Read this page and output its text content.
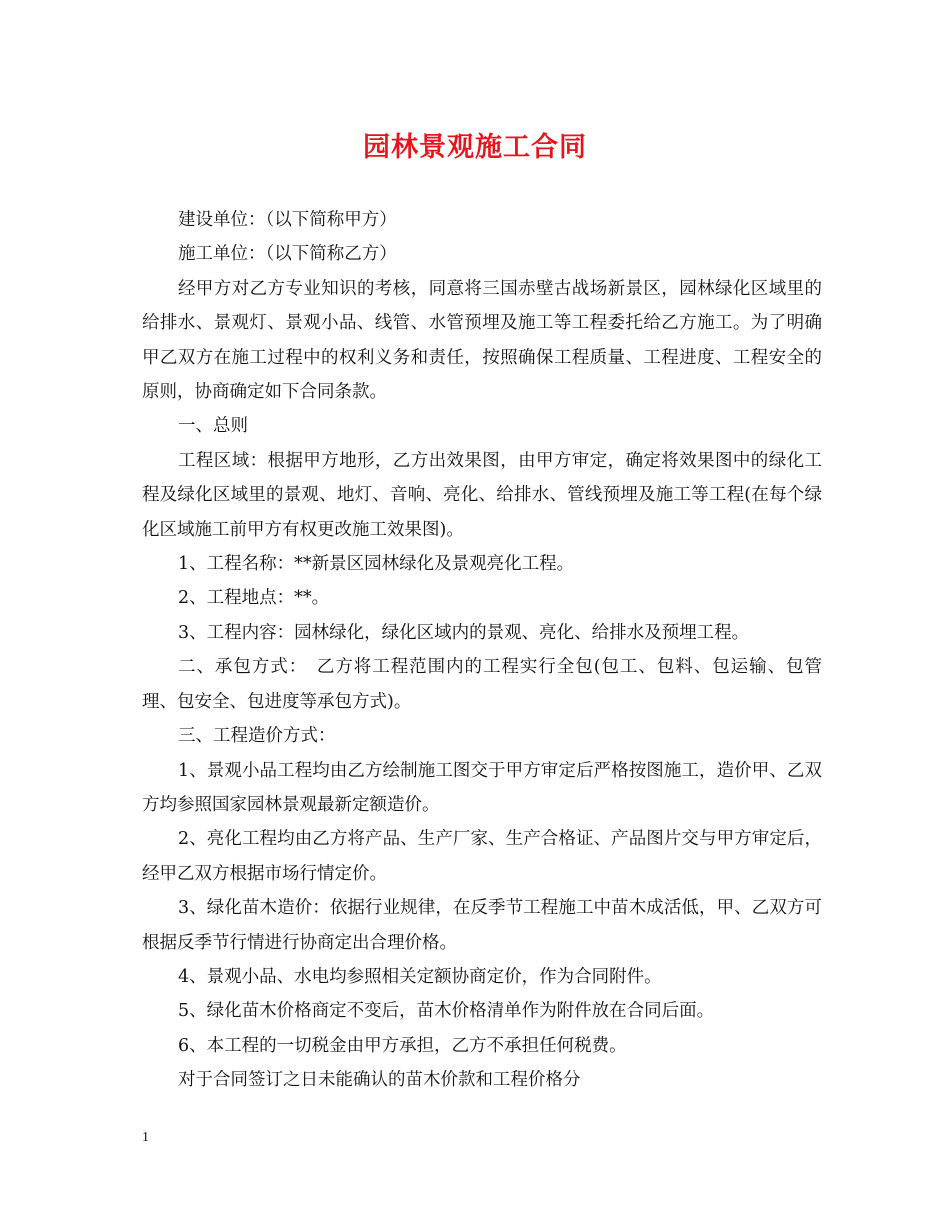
园林景观施工合同

建设单位：（以下简称甲方）

施工单位：（以下简称乙方）

经甲方对乙方专业知识的考核，同意将三国赤壁古战场新景区，园林绿化区域里的给排水、景观灯、景观小品、线管、水管预埋及施工等工程委托给乙方施工。为了明确甲乙双方在施工过程中的权利义务和责任，按照确保工程质量、工程进度、工程安全的原则，协商确定如下合同条款。

一、总则

工程区域：根据甲方地形，乙方出效果图，由甲方审定，确定将效果图中的绿化工程及绿化区域里的景观、地灯、音响、亮化、给排水、管线预埋及施工等工程(在每个绿化区域施工前甲方有权更改施工效果图)。

1、工程名称：**新景区园林绿化及景观亮化工程。

2、工程地点：**。

3、工程内容：园林绿化，绿化区域内的景观、亮化、给排水及预埋工程。

二、承包方式：　乙方将工程范围内的工程实行全包(包工、包料、包运输、包管理、包安全、包进度等承包方式)。

三、工程造价方式：

1、景观小品工程均由乙方绘制施工图交于甲方审定后严格按图施工，造价甲、乙双方均参照国家园林景观最新定额造价。

2、亮化工程均由乙方将产品、生产厂家、生产合格证、产品图片交与甲方审定后，经甲乙双方根据市场行情定价。

3、绿化苗木造价：依据行业规律，在反季节工程施工中苗木成活低，甲、乙双方可根据反季节行情进行协商定出合理价格。

4、景观小品、水电均参照相关定额协商定价，作为合同附件。

5、绿化苗木价格商定不变后，苗木价格清单作为附件放在合同后面。

6、本工程的一切税金由甲方承担，乙方不承担任何税费。

对于合同签订之日未能确认的苗木价款和工程价格分

1
